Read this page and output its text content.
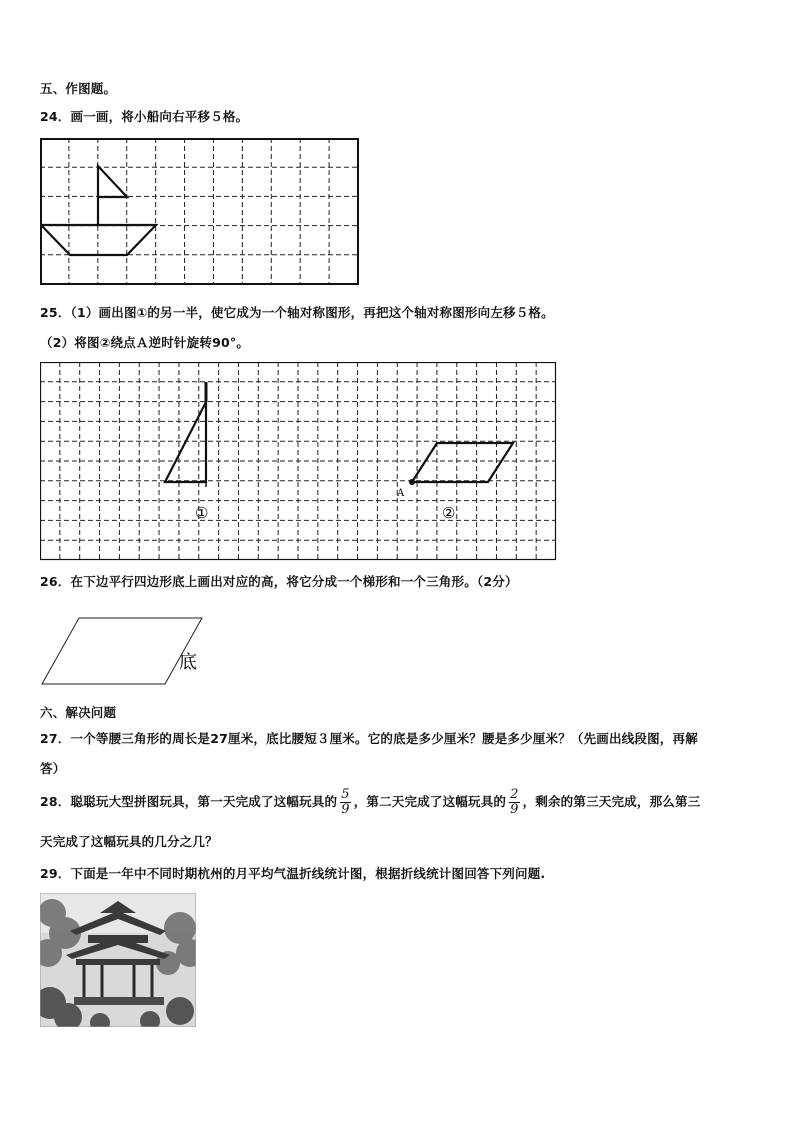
五、作图题。
24．画一画，将小船向右平移５格。
25．（1）画出图①的另一半，使它成为一个轴对称图形，再把这个轴对称图形向左移５格。
（2）将图②绕点Ａ逆时针旋转90°。
A
①	②
26．在下边平行四边形底上画出对应的高，将它分成一个梯形和一个三角形。（2分）
底
六、解决问题
27．一个等腰三角形的周长是27厘米，底比腰短３厘米。它的底是多少厘米？腰是多少厘米？（先画出线段图，再解
答）
28．聪聪玩大型拼图玩具，第一天完成了这幅玩具的 $\frac{5}{9}$ ，第二天完成了这幅玩具的 $\frac{2}{9}$ ，剩余的第三天完成，那么第三
天完成了这幅玩具的几分之几？
29．下面是一年中不同时期杭州的月平均气温折线统计图，根据折线统计图回答下列问题.
